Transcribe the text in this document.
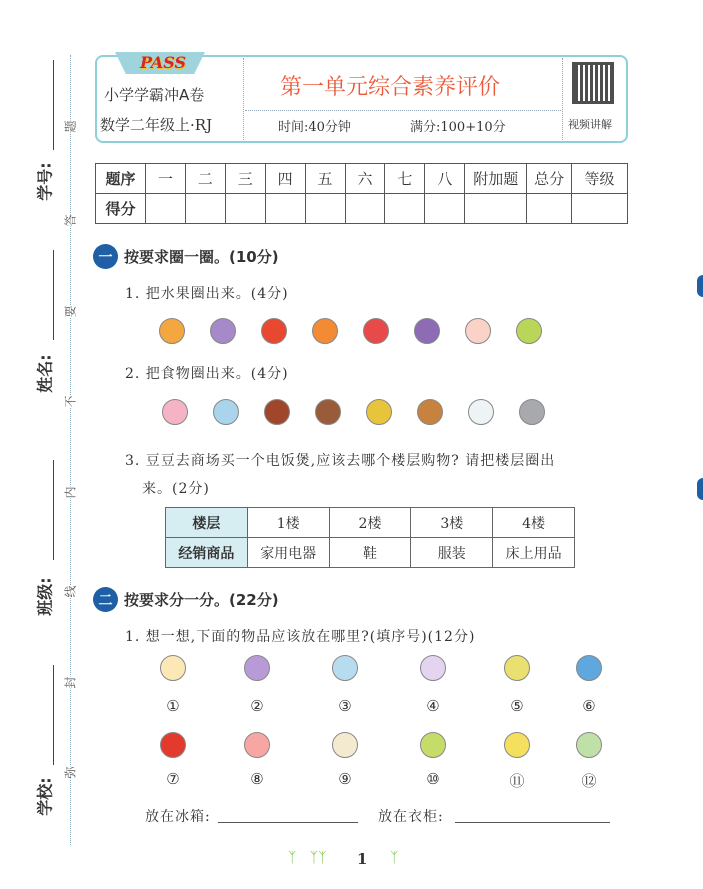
学号:
姓名:
班级:
学校:
题
答
要
不
内
线
封
弥
PASS
小学学霸冲A卷
数学二年级上·RJ
第一单元综合素养评价
时间:40分钟	满分:100+10分	视频讲解
题序	一	二	三	四	五	六	七	八	附加题	总分	等级
得分											
一 按要求圈一圈。(10分)
1. 把水果圈出来。(4分)
2. 把食物圈出来。(4分)
3. 豆豆去商场买一个电饭煲,应该去哪个楼层购物? 请把楼层圈出
来。(2分)
楼层	1楼	2楼	3楼	4楼
经销商品	家用电器	鞋	服装	床上用品
二 按要求分一分。(22分)
1. 想一想,下面的物品应该放在哪里?(填序号)(12分)
放在冰箱:	放在衣柜:
ᛉ   ᛉᛉ 1 ᛉ
①	②	③	④	⑤	⑥
⑦	⑧	⑨	⑩	⑪	⑫
